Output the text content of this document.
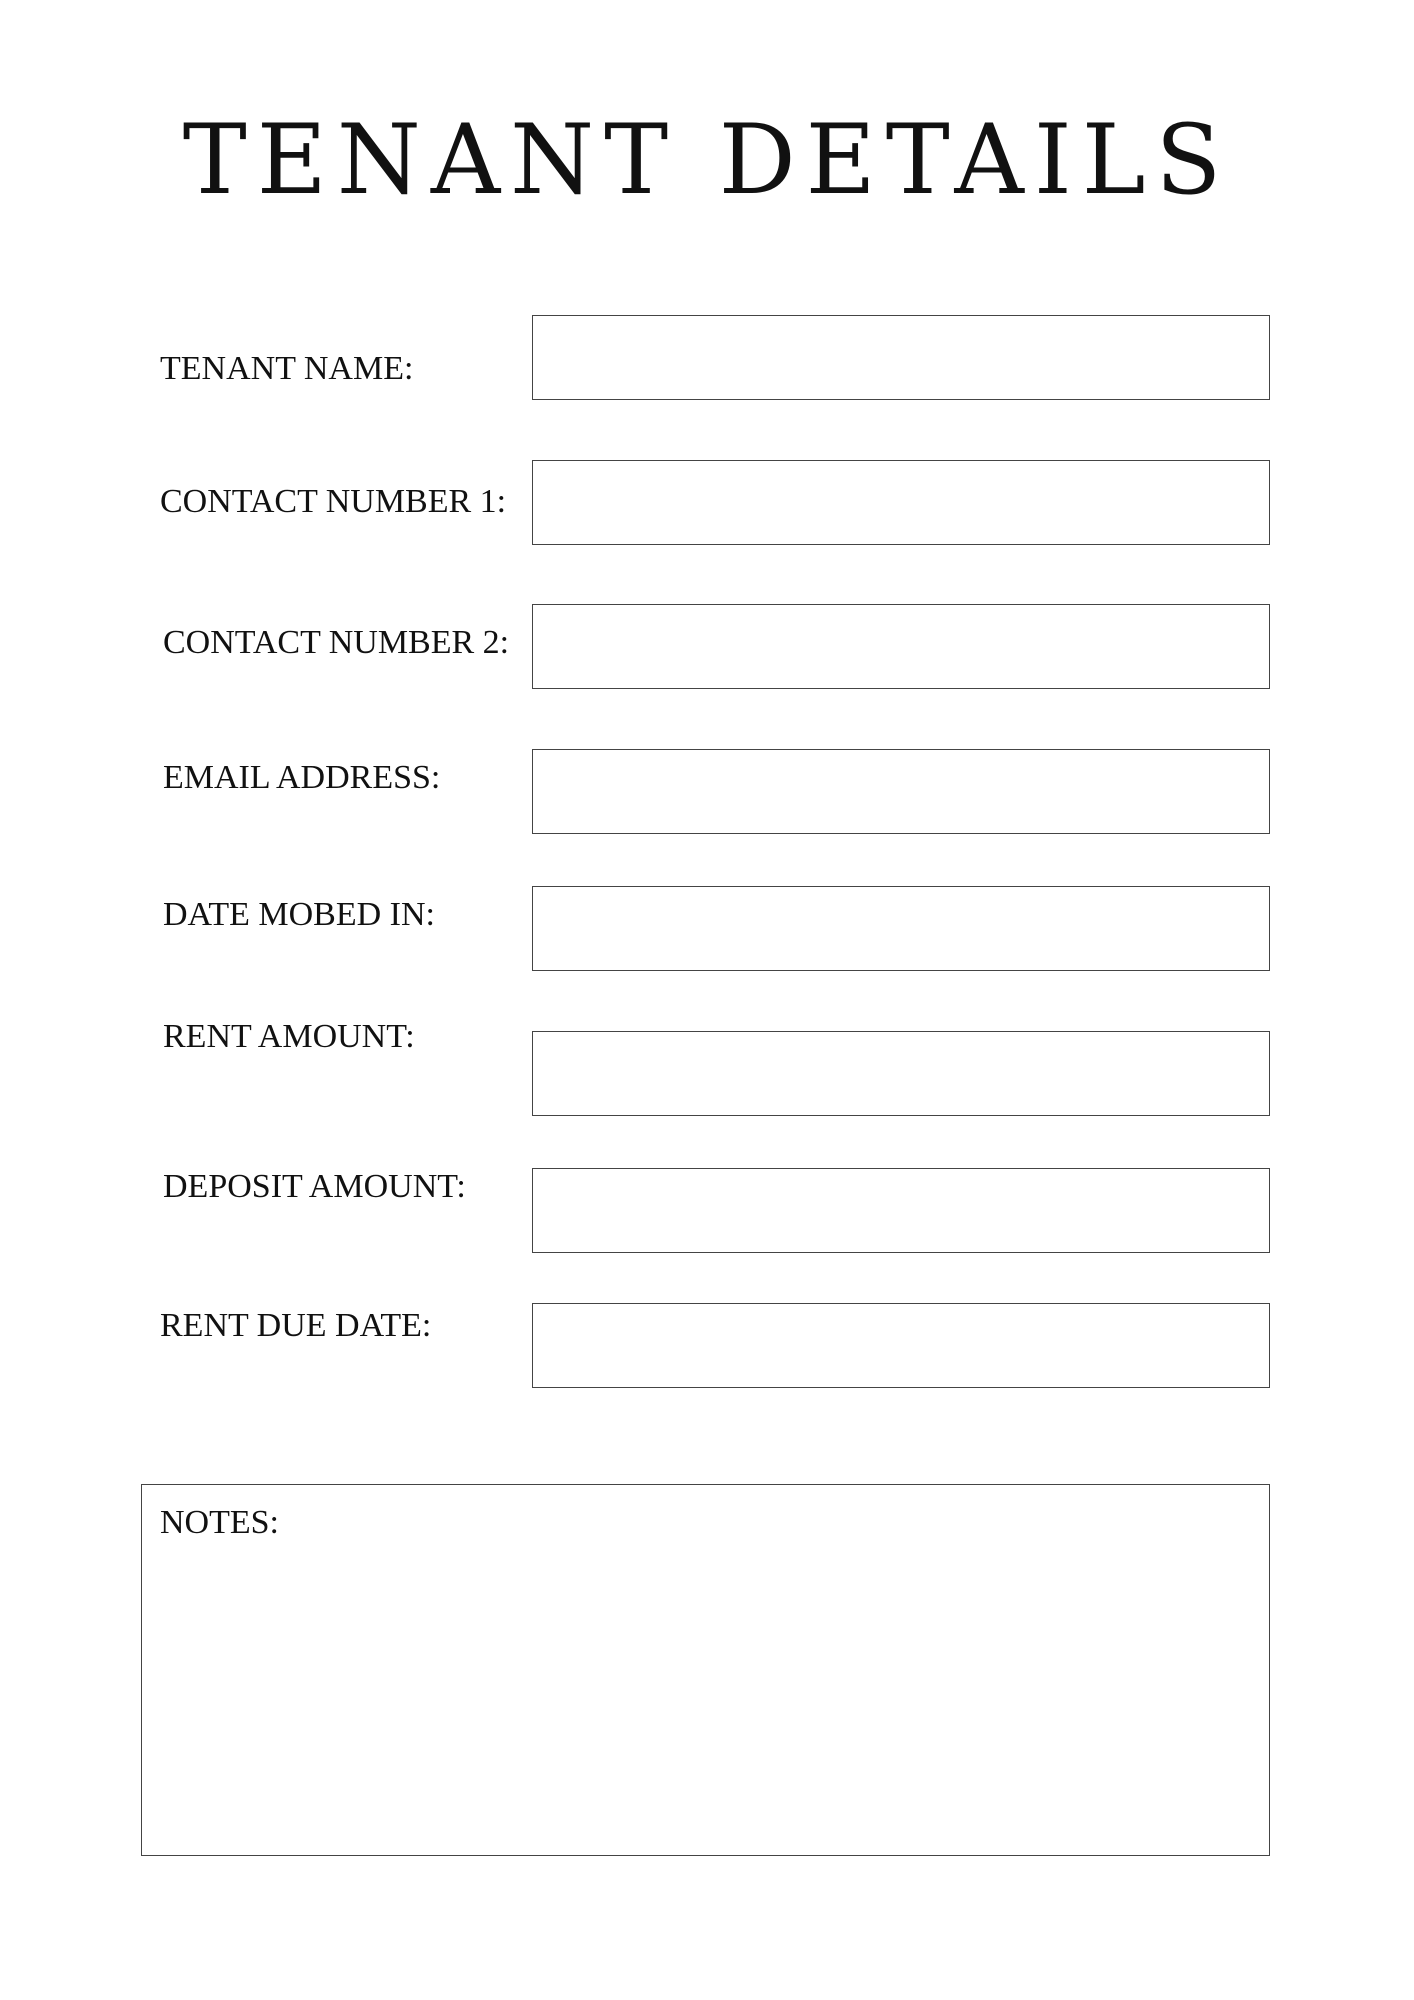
TENANT DETAILS
TENANT NAME:
CONTACT NUMBER 1:
CONTACT NUMBER 2:
EMAIL ADDRESS:
DATE MOBED IN:
RENT AMOUNT:
DEPOSIT AMOUNT:
RENT DUE DATE:
NOTES:
